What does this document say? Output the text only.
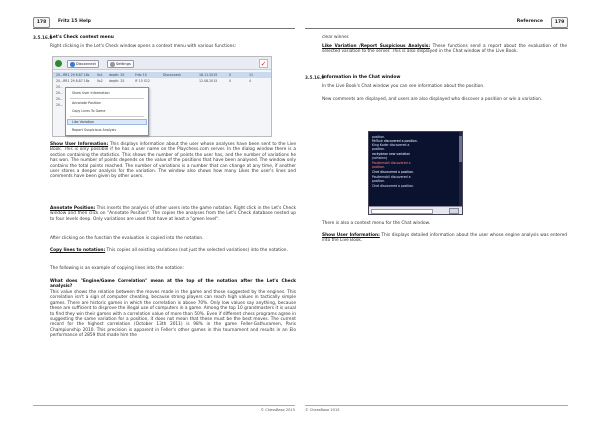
178	Fritz 15 Help
3.5.16.8
Let's Check context menu
Right clicking in the Let's Check window opens a context menu with various functions:
Disconnect	Settings	✓
20...RR1 29 8.87 18s 0s1 depth: 25	Fritz 15	Disconnect	18.11.2015	0	11
20...RR1 29 8.87 18s 0s2 depth: 25	IF 15 S12	12.08.2015	0	4
20...
20...
20...
20...
Show User Information
Annotate Position
Copy Lines To Game
Like Variation
Report Suspicious Analysis
Show User Information: This displays information about the user whose analyses have been sent to the Live Book. This is only possible if he has a user name on the Playchess.com server. In the dialog window there is a section containing the statistics. This shows the number of points the user has, and the number of variations he has won. The number of points depends on the value of the positions that have been analysed. The window only contains the total points reached. The number of variations is a number that can change at any time, if another user stores a deeper analysis for the variation. The window also shows how many Likes the user's lines and comments have been given by other users.
Annotate Position: This inserts the analysis of other users into the game notation. Right click in the Let's Check window and then click on "Annotate Position". The copies the analyses from the Let's Check database nested up to four levels deep. Only variations are used that have at least a "green level".
After clicking on the function the evaluation is copied into the notation.
Copy lines to notation: This copies all existing variations (not just the selected variations) into the notation.
The following is an example of copying lines into the notation:
What does "Engine/Game Correlation" mean at the top of the notation after the Let's Check analysis?
This value shows the relation between the moves made in the game and those suggested by the engines. This correlation isn't a sign of computer cheating, because strong players can reach high values in tactically simple games. There are historic games in which the correlation is above 70%. Only low values say anything, because these are sufficient to disprove the illegal use of computers in a game. Among the top 10 grandmasters it is usual to find they win their games with a correlation value of more than 50%. Even if different chess programs agree in suggesting the same variation for a position, it does not mean that these must be the best moves. The current record for the highest correlation (October 13th 2011) is 98% in the game Feller-Gathuramen, Paris Championship 2010. This precision is apparent in Feller's other games in this tournament and results in an Elo performance of 2859 that made him the
© ChessBase 2015
Reference	179
clear winner.
Like Variation /Report Suspicious Analysis: These functions send a report about the evaluation of the selected variation to the server. This is also displayed in the Chat window of the Live Book.
3.5.16.9
Information in the Chat window
In the Live Book's Chat window you can see information about the position.
New comments are displayed, and users are also displayed who discover a position or win a variation.
position.
MrTuck discovered a position.
King Koder discovered a
position.
rockydean new variation
(schwinn)
Pauliemobil discovered a
position.
Chet discovered a position.
Pauliemobil discovered a
position.
Chet discovered a position.
There is also a context menu for the Chat window.
Show User Information: This displays detailed information about the user whose engine analysis was entered into the Live Book.
© ChessBase 2015
